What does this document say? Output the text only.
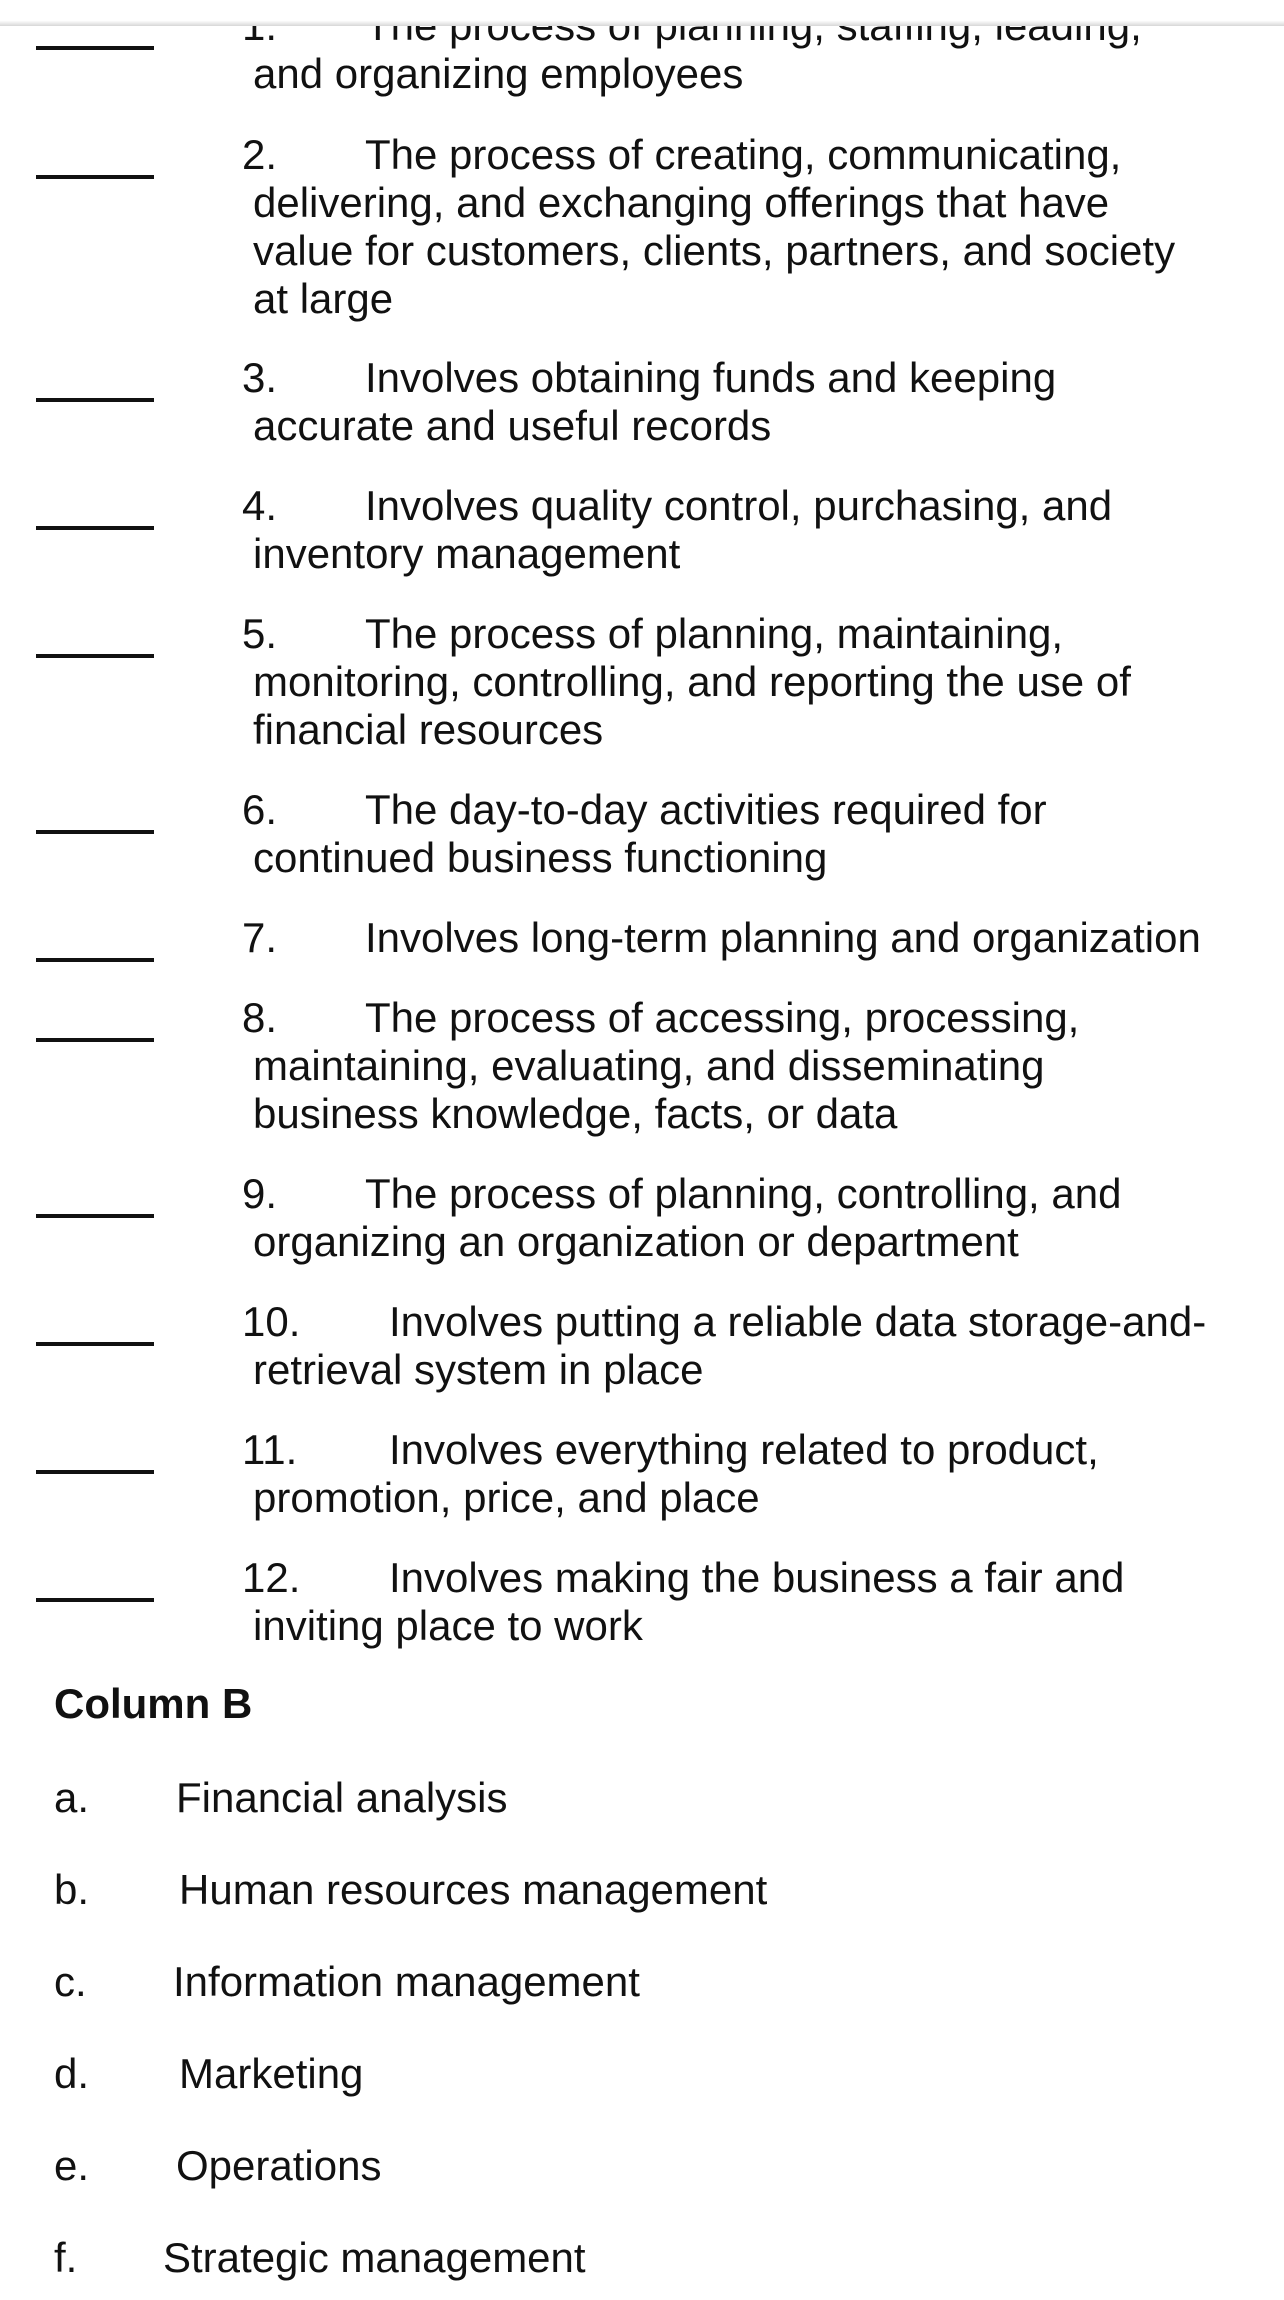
and organizing employees
2. The process of creating, communicating,
delivering, and exchanging offerings that have
value for customers, clients, partners, and society
at large
3. Involves obtaining funds and keeping
accurate and useful records
4. Involves quality control, purchasing, and
inventory management
5. The process of planning, maintaining,
monitoring, controlling, and reporting the use of
financial resources
6. The day-to-day activities required for
continued business functioning
7. Involves long-term planning and organization
8. The process of accessing, processing,
maintaining, evaluating, and disseminating
business knowledge, facts, or data
9. The process of planning, controlling, and
organizing an organization or department
10. Involves putting a reliable data storage-and-
retrieval system in place
11. Involves everything related to product,
promotion, price, and place
12. Involves making the business a fair and
inviting place to work
Column B
a. Financial analysis
b. Human resources management
c. Information management
d. Marketing
e. Operations
f. Strategic management
